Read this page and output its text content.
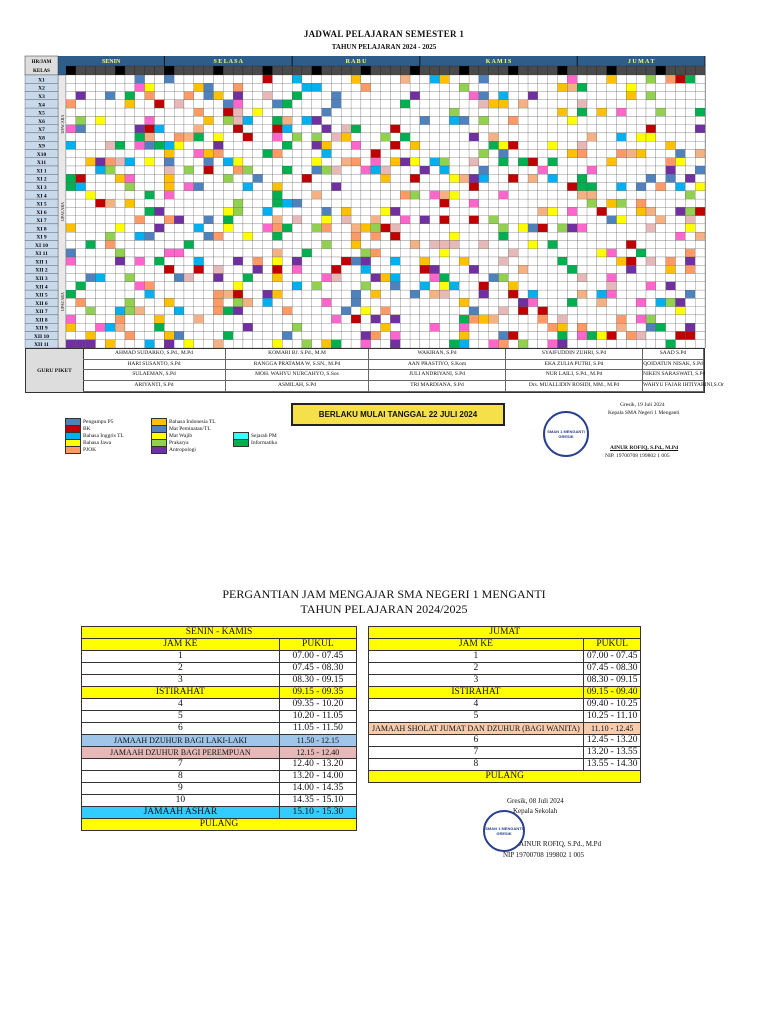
JADWAL PELAJARAN SEMESTER 1
TAHUN PELAJARAN 2024 - 2025
HR/JAM
KELAS
SENIN	S E L A S A	R A B U	K A M I S	J U M A T
UPACARA
UPACARA
UPACARA
X1
X2
X3
X4
X5
X6
X7
X8
X9
X10
X11
XI 1
XI 2
XI 3
XI 4
XI 5
XI 6
XI 7
XI 8
XI 9
XI 10
XI 11
XII 1
XII 2
XII 3
XII 4
XII 5
XII 6
XII 7
XII 8
XII 9
XII 10
XII 11
GURU PIKET
AHMAD SUDARKO, S.Pd., M.Pd	KOMARI BJ. S.Pd., M.M	WAKIRAN, S.Pd	SYAIFUDDIN ZUHRI, S.Pd	SAAD S.Pd
HARI SUSANTO, S.Pd	RANGGA PRATAMA W, S.SN., M.Pd	AAN PRASTIYO, S.Kom	EKA ZULIA PUTRI, S.Pd	QOIDATUN NISAK, S.Pd
SULAEMAN, S.Pd	MOH. WAHYU NURCAHYO, S.Sos	JULI ANDRIYANI, S.Pd	NUR LAILI, S.Pd., M.Pd	NIKEN SARASWATI, S.Pd
ARIYANTI, S.Pd	ASMILAH, S.Pd	TRI MARDIANA, S.Pd	Drs. MUALLIDIN ROSIDI, MM., M.Pd	WAHYU FAJAR IHTIYARINI,S.Or
Pengampu P5
BK
Bahasa Inggris TL
Bahasa Jawa
PJOK
Bahasa Indonesia TL
Mat Peminatan/TL
Mat Wajib
Prakarya
Antropologi
Sejarah PM
Informatika
BERLAKU MULAI TANGGAL 22 JULI 2024
SMAN 1 MENGANTI GRESIK
Gresik, 19 Juli 2024
Kepala SMA Negeri 1 Menganti
AINUR ROFIQ, S.Pd., M.Pd
NIP. 19700708 199802 1 005
PERGANTIAN JAM MENGAJAR SMA NEGERI 1 MENGANTI
TAHUN PELAJARAN 2024/2025
SENIN - KAMIS	
JAM KE	PUKUL
1	07.00 - 07.45
2	07.45 - 08.30
3	08.30 - 09.15
ISTIRAHAT	09.15 - 09.35
4	09.35 - 10.20
5	10.20 - 11.05
6	11.05 - 11.50
JAMAAH DZUHUR BAGI LAKI-LAKI	11.50 - 12.15
JAMAAH DZUHUR BAGI PEREMPUAN	12.15 - 12.40
7	12.40 - 13.20
8	13.20 - 14.00
9	14.00 - 14.35
10	14.35 - 15.10
JAMAAH ASHAR	15.10 - 15.30
PULANG	
JUMAT	
JAM KE	PUKUL
1	07.00 - 07.45
2	07.45 - 08.30
3	08.30 - 09.15
ISTIRAHAT	09.15 - 09.40
4	09.40 - 10.25
5	10.25 - 11.10
JAMAAH SHOLAT JUMAT DAN DZUHUR (BAGI WANITA)	11.10 - 12.45
6	12.45 - 13.20
7	13.20 - 13.55
8	13.55 - 14.30
PULANG	
SMAN 1 MENGANTI GRESIK
Gresik, 08 Juli 2024
Kepala Sekolah
AINUR ROFIQ, S.Pd., M.Pd
NIP 19700708 199802 1 005
